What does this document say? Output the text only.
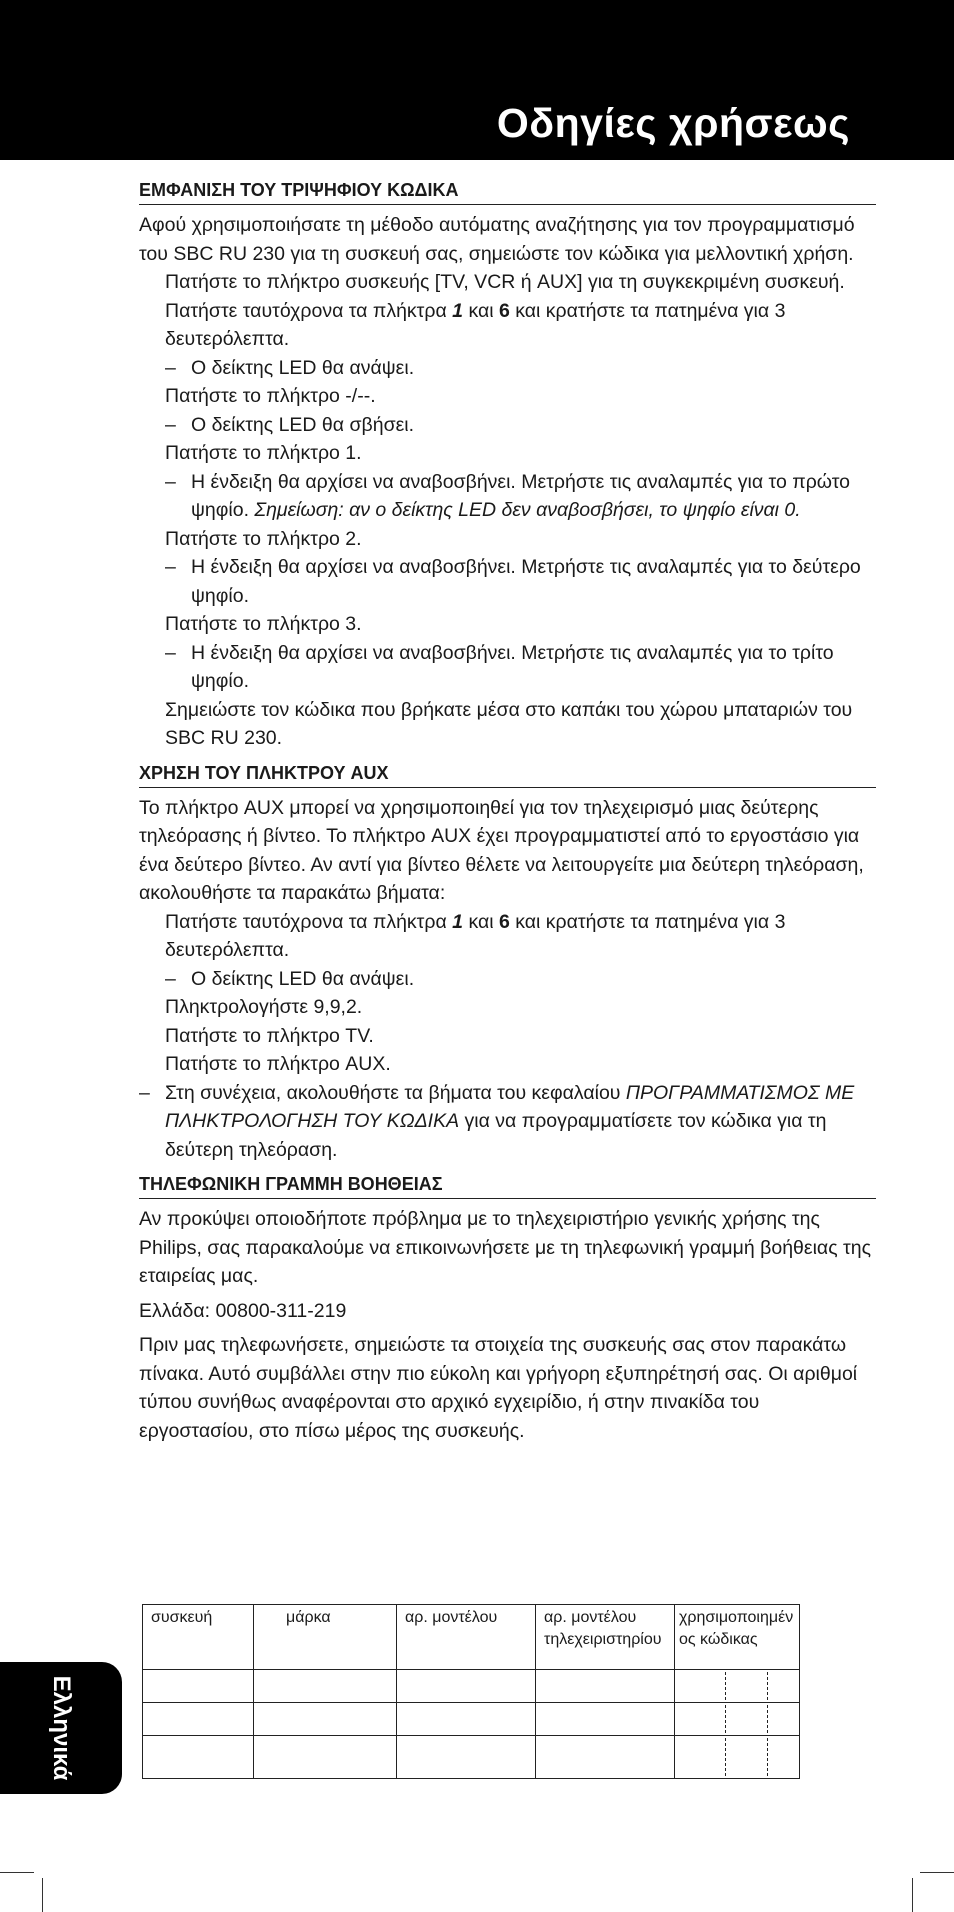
Οδηγίες χρήσεως
ΕΜΦΑΝΙΣΗ ΤΟΥ ΤΡΙΨΗΦΙΟΥ ΚΩΔΙΚΑ

Αφού χρησιμοποιήσατε τη μέθοδο αυτόματης αναζήτησης για τον προγραμματισμό του SBC RU 230 για τη συσκευή σας, σημειώστε τον κώδικα για μελλοντική χρήση.

Πατήστε το πλήκτρο συσκευής [TV, VCR ή AUX] για τη συγκεκριμένη συσκευή.

Πατήστε ταυτόχρονα τα πλήκτρα 1 και 6 και κρατήστε τα πατημένα για 3 δευτερόλεπτα.

– Ο δείκτης LED θα ανάψει.

Πατήστε το πλήκτρο -/--.

– Ο δείκτης LED θα σβήσει.

Πατήστε το πλήκτρο 1.

– Η ένδειξη θα αρχίσει να αναβοσβήνει. Μετρήστε τις αναλαμπές για το πρώτο ψηφίο. Σημείωση: αν ο δείκτης LED δεν αναβοσβήσει, το ψηφίο είναι 0.

Πατήστε το πλήκτρο 2.

– Η ένδειξη θα αρχίσει να αναβοσβήνει. Μετρήστε τις αναλαμπές για το δεύτερο ψηφίο.

Πατήστε το πλήκτρο 3.

– Η ένδειξη θα αρχίσει να αναβοσβήνει. Μετρήστε τις αναλαμπές για το τρίτο ψηφίο.

Σημειώστε τον κώδικα που βρήκατε μέσα στο καπάκι του χώρου μπαταριών του SBC RU 230.

ΧΡΗΣΗ ΤΟΥ ΠΛΗΚΤΡΟΥ AUX

Το πλήκτρο AUX μπορεί να χρησιμοποιηθεί για τον τηλεχειρισμό μιας δεύτερης τηλεόρασης ή βίντεο. Το πλήκτρο AUX έχει προγραμματιστεί από το εργοστάσιο για ένα δεύτερο βίντεο. Αν αντί για βίντεο θέλετε να λειτουργείτε μια δεύτερη τηλεόραση, ακολουθήστε τα παρακάτω βήματα:

Πατήστε ταυτόχρονα τα πλήκτρα 1 και 6 και κρατήστε τα πατημένα για 3 δευτερόλεπτα.

– Ο δείκτης LED θα ανάψει.

Πληκτρολογήστε 9,9,2.

Πατήστε το πλήκτρο TV.

Πατήστε το πλήκτρο AUX.

– Στη συνέχεια, ακολουθήστε τα βήματα του κεφαλαίου ΠΡΟΓΡΑΜΜΑΤΙΣΜΟΣ ΜΕ ΠΛΗΚΤΡΟΛΟΓΗΣΗ ΤΟΥ ΚΩΔΙΚΑ για να προγραμματίσετε τον κώδικα για τη δεύτερη τηλεόραση.

ΤΗΛΕΦΩΝΙΚΗ ΓΡΑΜΜΗ ΒΟΗΘΕΙΑΣ

Αν προκύψει οποιοδήποτε πρόβλημα με το τηλεχειριστήριο γενικής χρήσης της Philips, σας παρακαλούμε να επικοινωνήσετε με τη τηλεφωνική γραμμή βοήθειας της εταιρείας μας.

Ελλάδα: 00800-311-219

Πριν μας τηλεφωνήσετε, σημειώστε τα στοιχεία της συσκευής σας στον παρακάτω πίνακα. Αυτό συμβάλλει στην πιο εύκολη και γρήγορη εξυπηρέτησή σας. Οι αριθμοί τύπου συνήθως αναφέρονται στο αρχικό εγχειρίδιο, ή στην πινακίδα του εργοστασίου, στο πίσω μέρος της συσκευής.

συσκευή	μάρκα	αρ. μοντέλου	αρ. μοντέλου τηλεχειριστηρίου	χρησιμοποιημένος κώδικας

Ελληνικά
